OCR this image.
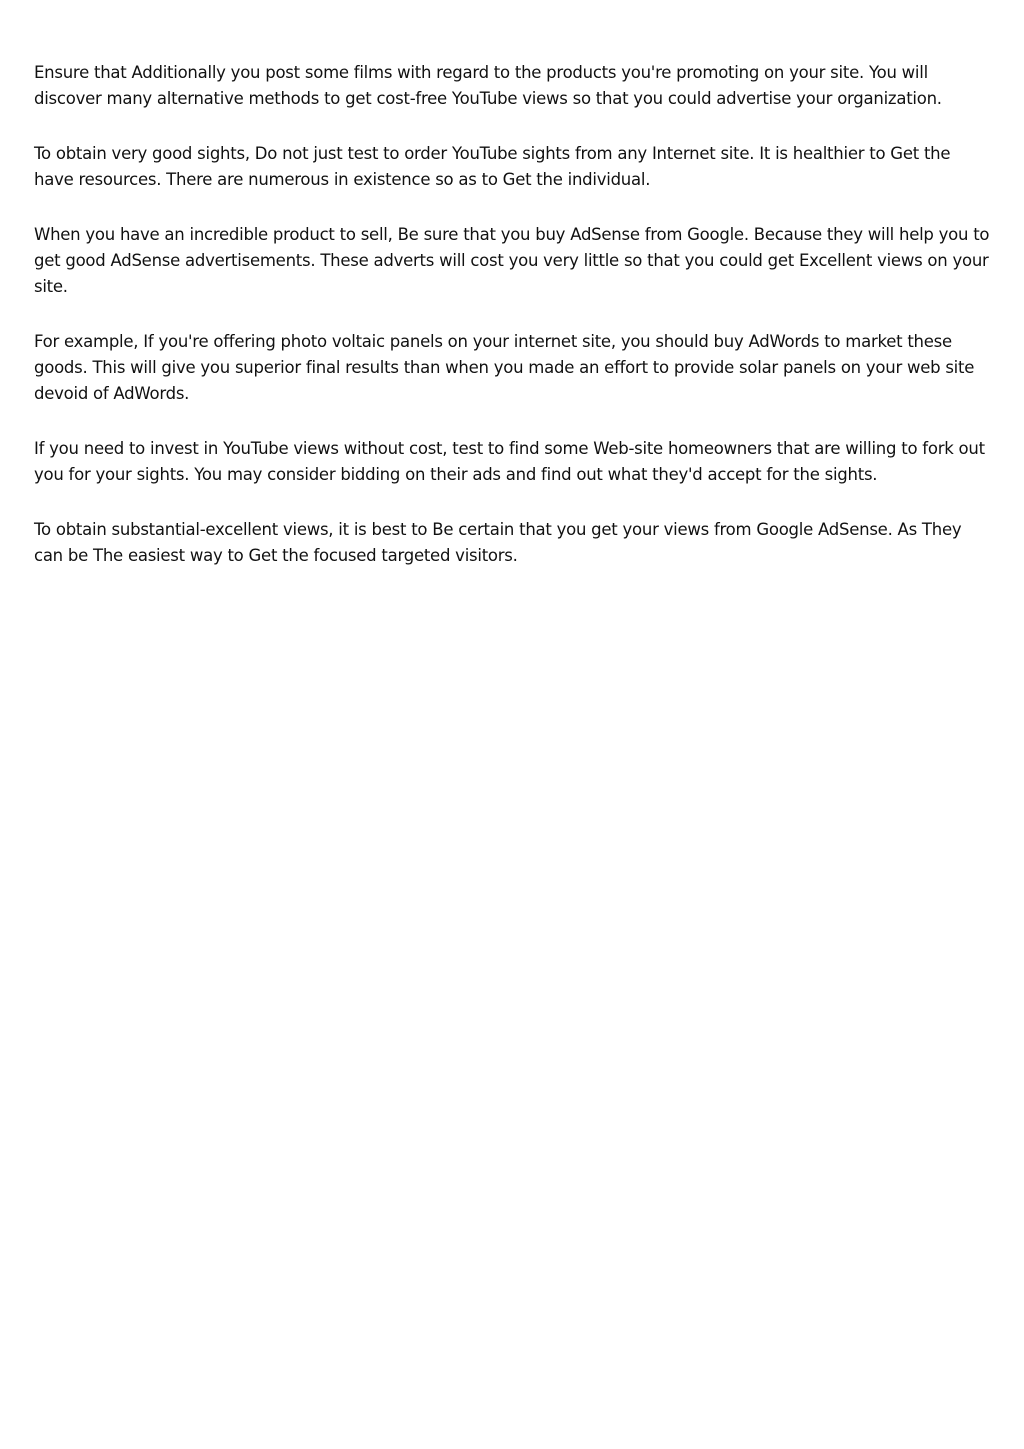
Ensure that Additionally you post some films with regard to the products you're promoting on your site. You will discover many alternative methods to get cost-free YouTube views so that you could advertise your organization.

To obtain very good sights, Do not just test to order YouTube sights from any Internet site. It is healthier to Get the have resources. There are numerous in existence so as to Get the individual.

When you have an incredible product to sell, Be sure that you buy AdSense from Google. Because they will help you to get good AdSense advertisements. These adverts will cost you very little so that you could get Excellent views on your site.

For example, If you're offering photo voltaic panels on your internet site, you should buy AdWords to market these goods. This will give you superior final results than when you made an effort to provide solar panels on your web site devoid of AdWords.

If you need to invest in YouTube views without cost, test to find some Web-site homeowners that are willing to fork out you for your sights. You may consider bidding on their ads and find out what they'd accept for the sights.

To obtain substantial-excellent views, it is best to Be certain that you get your views from Google AdSense. As They can be The easiest way to Get the focused targeted visitors.
